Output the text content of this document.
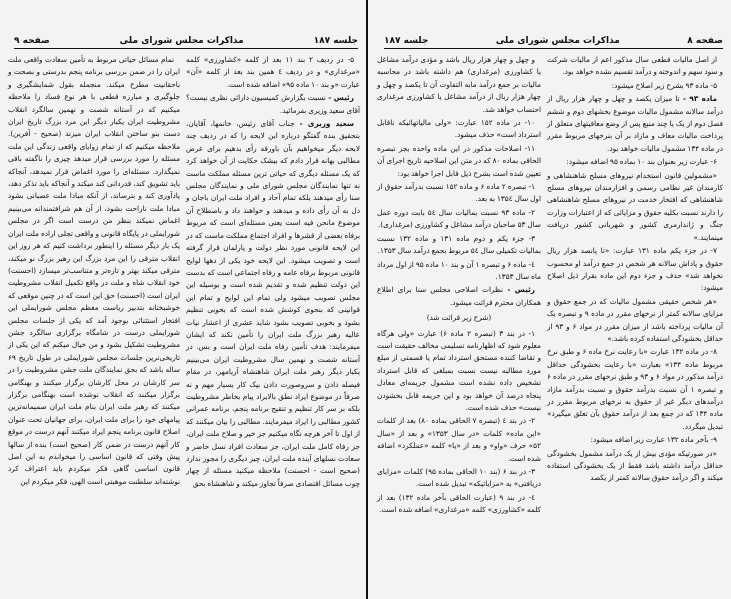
جلسه ۱۸۷
مذاکرات مجلس شورای ملی
صفحه ۹

۵- در ردیف ۲ بند ۱۱ بعد از کلمه «کشاورزی» کلمه «مرغداری» و در ردیف ٤ همین بند بعد از کلمه «آن» عبارت «و بند ۱۰ ماده ۹۵» اضافه شده است.

رئیس - نسبت بگزارش کمیسیون دارائی نظری نیست؟ آقای سعید وزیری بفرمائید.

سعید وزیری - جناب آقای رئیس، خانمها، آقایان، بتحقیق بنده گفتگو درباره این لایحه را که در ردیف چند لایحه دیگر میخواهیم بآن باورقه رأی بدهیم برای عرض مطالبی بهانه قرار دادم که بیشک حکایت از آن خواهد کرد که یک مسئله دیگری که حیاتی ترین مسئله مملکت ماست نه تنها نمایندگان مجلس شورای ملی و نمایندگان مجلس سنا رأی میدهند بلکه تمام آحاد و افراد ملت ایران باجان و دل به آن رأی داده و میدهند و خواهند داد و باصطلاح آن موضوع مانحن فیه است یعنی مسئله‌ای است که مربوط برفاه بعضی از قشرها و افراد اجتماع مملکت ماست که در این لایحه قانونی مورد نظر دولت و پارلمان قرار گرفته است و تصویب میشود. این لایحه خود یکی از دهها لوایح قانونی مربوط برفاه عامه و رفاه اجتماعی است که بدست این دولت تنظیم شده و تقدیم شده است و بوسیله این مجلس تصویب میشود ولی تمام این لوایح و تمام این قوانینی که بنحوی کوشش شده است که بخوبی تنظیم بشود و بخوبی تصویب بشود شاید عشری از اعشار نیات عالیه رهبر بزرگ ملت ایران را تأمین نکند که ایشان میفرمایند: هدف تأمین رفاه ملت ایران است و بس. در آستانه شصت و نهمین سال مشروطیت ایران می‌بینیم یکبار دیگر رهبر ملت ایران شاهنشاه آریامهر، در مقام فیصله دادن و سروصورت دادن بیک کار بسیار مهم و نه صرفاً در موضوع ایراد نطق بالایراد پیام بخاطر مشروطیت بلکه بر سر کار تنظیم و تنقیح برنامه پنجم، برنامه عمرانی کشور مطالبی را ایراد میفرمایند. مطالبی را بیان میکنند که از اول تا آخر هرچه نگاه میکنیم جز خیر و صلاح ملت ایران، جز رفاه کامل ملت ایران، جز سعادت افراد نسل حاضر و سعادت نسلهای آینده ملت ایران، چیز دیگری را مجوز ندارد (صحیح است - احسنت) ملاحظه میکنید مسئله از چهار چوب مسائل اقتصادی صرفاً تجاوز میکند و شاهنشاه بحق

تمام مسائل حیاتی مربوط به تأمین سعادت واقعی ملت ایران را در ضمن بررسی برنامه پنجم بدرستی و بصحت و باحقانیت مطرح میکند. منجمله بقول شمایشگیری و جلوگیری و مبارزه قطعی با هر نوع فساد را ملاحظه میکنیم که در آستانه شصت و نهمین سالگرد انقلاب مشروطیت ایران یکبار دیگر این مرد بزرگ تاریخ ایران دست بنو ساختن انقلاب ایران میزند (صحیح - آفرین). ملاحظه میکنیم که از تمام زوایای واقعی زندگی این ملت مسئله را مورد بررسی قرار میدهد چیزی را ناگفته باقی نمیگذارد. مسئله‌ای را مورد اغماض قرار نمیدهد، آنجاکه باید تشویق کند، قدردانی کند میکند و آنجاکه باید تذکر دهد، یادآوری کند و بترساند، از آنکه مبادا ملت عصبانی بشود مبادا ملت ناراحت بشود، از آن هم شرافتمندانه می‌بینیم اغماض نمیکند بنظر من درست است اگر در مجلس شورایملی در پایگاه قانونی و واقعی تجلی اراده ملت ایران یک بار دیگر مسئله را اینطور برداشت کنیم که هر روز این انقلاب مترقی را این مرد بزرگ این رهبر بزرگ نو میکند، مترقی میکند بهتر و تازه‌تر و متناسب‌تر میسازد (احسنت) خود انقلاب شاه و ملت در واقع تکمیل انقلاب مشروطیت ایران است (احسنت) حق این است که در چنین موقعی که خوشبختانه بتدبیر ریاست معظم مجلس شورایملی این افتخار استثنائی بوجود آمد که یکی از جلسات مجلس شورایملی درست در شامگاه برگزاری سالگرد جشن مشروطیت تشکیل بشود و من خیال میکنم که این یکی از تاریخی‌ترین جلسات مجلس شورایملی در طول تاریخ ۶۹ ساله باشد که بحق نمایندگان ملت جشن مشروطیت را در سر کارشان در محل کارشان برگزار میکنند و بهنگامی برگزار میکنند که انقلاب نوشده است بهنگامی برگزار میکنند که رهبر ملت ایران بنام ملت ایران صمیمانه‌ترین پیامهای خود را برای ملت ایران، برای جهانیان تحت عنوان اصلاح قانون برنامه پنجم ایراد میکنند آنهم درست در موقع کار آنهم درست در ضمن کار (صحیح است) بنده از سالها پیش وقتی که قانون اساسی را میخواندم به این اصل قانون اساسی گاهی فکر میکردم باید اعتراف کرد نوشته‌اند سلطنت موهبتی است الهی، فکر میکردم این

صفحه ۸
مذاکرات مجلس شورای ملی
جلسه ۱۸۷

از اصل مالیات قطعی سال مذکور اعم از مالیات شرکت و سود سهم و اندوخته و درآمد تقسیم نشده خواهد بود.

۵- ماده ۹۳ بشرح زیر اصلاح میشود:

ماده ۹۳ - تا میزان یکصد و چهل و چهار هزار ریال از درآمد سالانه مشمول مالیات موضوع بخشهای دوم و ششم فصل دوم از یک یا چند منبع پس از وضع معافیتهای متعلق از پرداخت مالیات معاف و مازاد بر آن بنرخهای مربوط مقرر در ماده ۱۳۴ مشمول مالیات خواهد بود.

۶- عبارت زیر بعنوان بند ۱۰ بماده ۹۵ اضافه میشود:

«مشمولین قانون استخدام نیروهای مسلح شاهنشاهی و کارمندان غیر نظامی رسمی و افزارمندان نیروهای مسلح شاهنشاهی که افتخار خدمت در نیروهای مسلح شاهنشاهی را دارند نسبت بکلیه حقوق و مزایائی که از اعتبارات وزارت جنگ و ژاندارمری کشور و شهربانی کشور دریافت مینمایند.»

۷- در جزء یکم ماده ۱۳۱ عبارت: «تا پانصد هزار ریال حقوق و پاداش سالانه هر شخص در جمع درآمد او محسوب نخواهد شد» حذف و جزء دوم این ماده بقرار ذیل اصلاح میشود:

«هر شخص حقیقی مشمول مالیات که در جمع حقوق و مزایای سالانه کمتر از نرخهای مقرر در ماده ۹ و تبصره یک آن مالیات پرداخته باشد از میزان مقرر در مواد ۶ و ۹۳ از حداقل بخشودگی استفاده کرده باشد.»

۸- در ماده ۱۳۲ عبارت «با رعایت نرخ ماده ۶ و طبق نرخ مربوط ماده ۱۳۴» بعبارت «با رعایت بخشودگی حداقل درآمد مذکور در مواد ۶ و ۹۳ و طبق نرخهای مقرر در ماده ۶ و تبصره ۱ آن نسبت بدرآمد حقوق و نسبت بدرآمد مازاد درآمدهای دیگر غیر از حقوق به نرخهای مربوط مقرر در ماده ۱۳۴ که در جمع بعد از درآمد حقوق بآن تعلق میگیرد» تبدیل میگردد.

۹- بآخر ماده ۱۳۲ عبارت زیر اضافه میشود:

«در صورتیکه مؤدی بیش از یک درآمد مشمول بخشودگی حداقل درآمد داشته باشد فقط از یک بخشودگی استفاده میکند و اگر درآمد حقوق سالانه کمتر از یکصد

و چهل و چهار هزار ریال باشد و مؤدی درآمد مشاغل یا کشاورزی (مرغداری) هم داشته باشد در محاسبه مالیات بر جمع درآمد مابه التفاوت آن تا یکصد و چهل و چهار هزار ریال از درآمد مشاغل یا کشاورزی مرغداری احتساب خواهد شد.

۱۰- در ماده ۱۵۲ عبارت: «ولی مالیاتهائیکه ناقابل استرداد است» حذف میشود.

۱۱- اصلاحات مذکور در این ماده واحده بجز تبصره الحاقی بماده ۸۰ که در متن این اصلاحیه تاریخ اجرای آن تعیین شده است بشرح ذیل قابل اجرا خواهد بود:

۱- تبصره ۲ ماده ۶ و ماده ۱۵۲ نسبت بدرآمد حقوق از اول سال ۱۳۵٤ به بعد.

۲- ماده ۹۳ نسبت بمالیات سال ۵٤ بابت دوره عمل سال ۵۳ صاحبان درآمد مشاغل و کشاورزی (مرغداری).

۳- جزء یکم و دوم ماده ۱۳۱ و ماده ۱۳۲ نسبت بمالیات تکمیلی سال ۵٤ مربوط بجمع درآمد سال ۱۳۵۳.

٤- ماده ۶ و تبصره ۱ آن و بند ۱۰ ماده ۹۵ از اول مرداد ماه سال ۱۳۵۳.

رئیس - نظرات اصلاحی مجلس سنا برای اطلاع همکاران محترم قرائت میشود.

(شرح زیر قرائت شد)

۱- در بند ۳ (تبصره ۲ ماده ۶) عبارت «ولی هرگاه معلوم شود که اظهارنامه تسلیمی مخالف حقیقت است و تقاضا کننده مستحق استرداد تمام یا قسمتی از مبلغ مورد مطالبه نیست نسبت بمبلغی که قابل استرداد تشخیص داده نشده است مشمول جریمه‌ای معادل پنجاه درصد آن خواهد بود و این جریمه قابل بخشودن نیست» حذف شده است.

۲- در بند ٤ (تبصره ۷ الحاقی بماده ۸۰) بعد از کلمات «این ماده» کلمات «در سال ۱۳۵۳» و بعد از «سال ۵۲» حرف «واو» و بعد از «یا» کلمه «عملکرد» اضافه شده است.

۳- در بند ۶ (بند ۱۰ الحاقی بماده ۹۵) کلمات «مزایای دریافتی» به «مزایائیکه» تبدیل شده است.

٤- در بند ۹ (عبارت الحاقی بآخر ماده ۱۳۲) بعد از کلمه «کشاورزی» کلمه «مرغداری» اضافه شده است.
